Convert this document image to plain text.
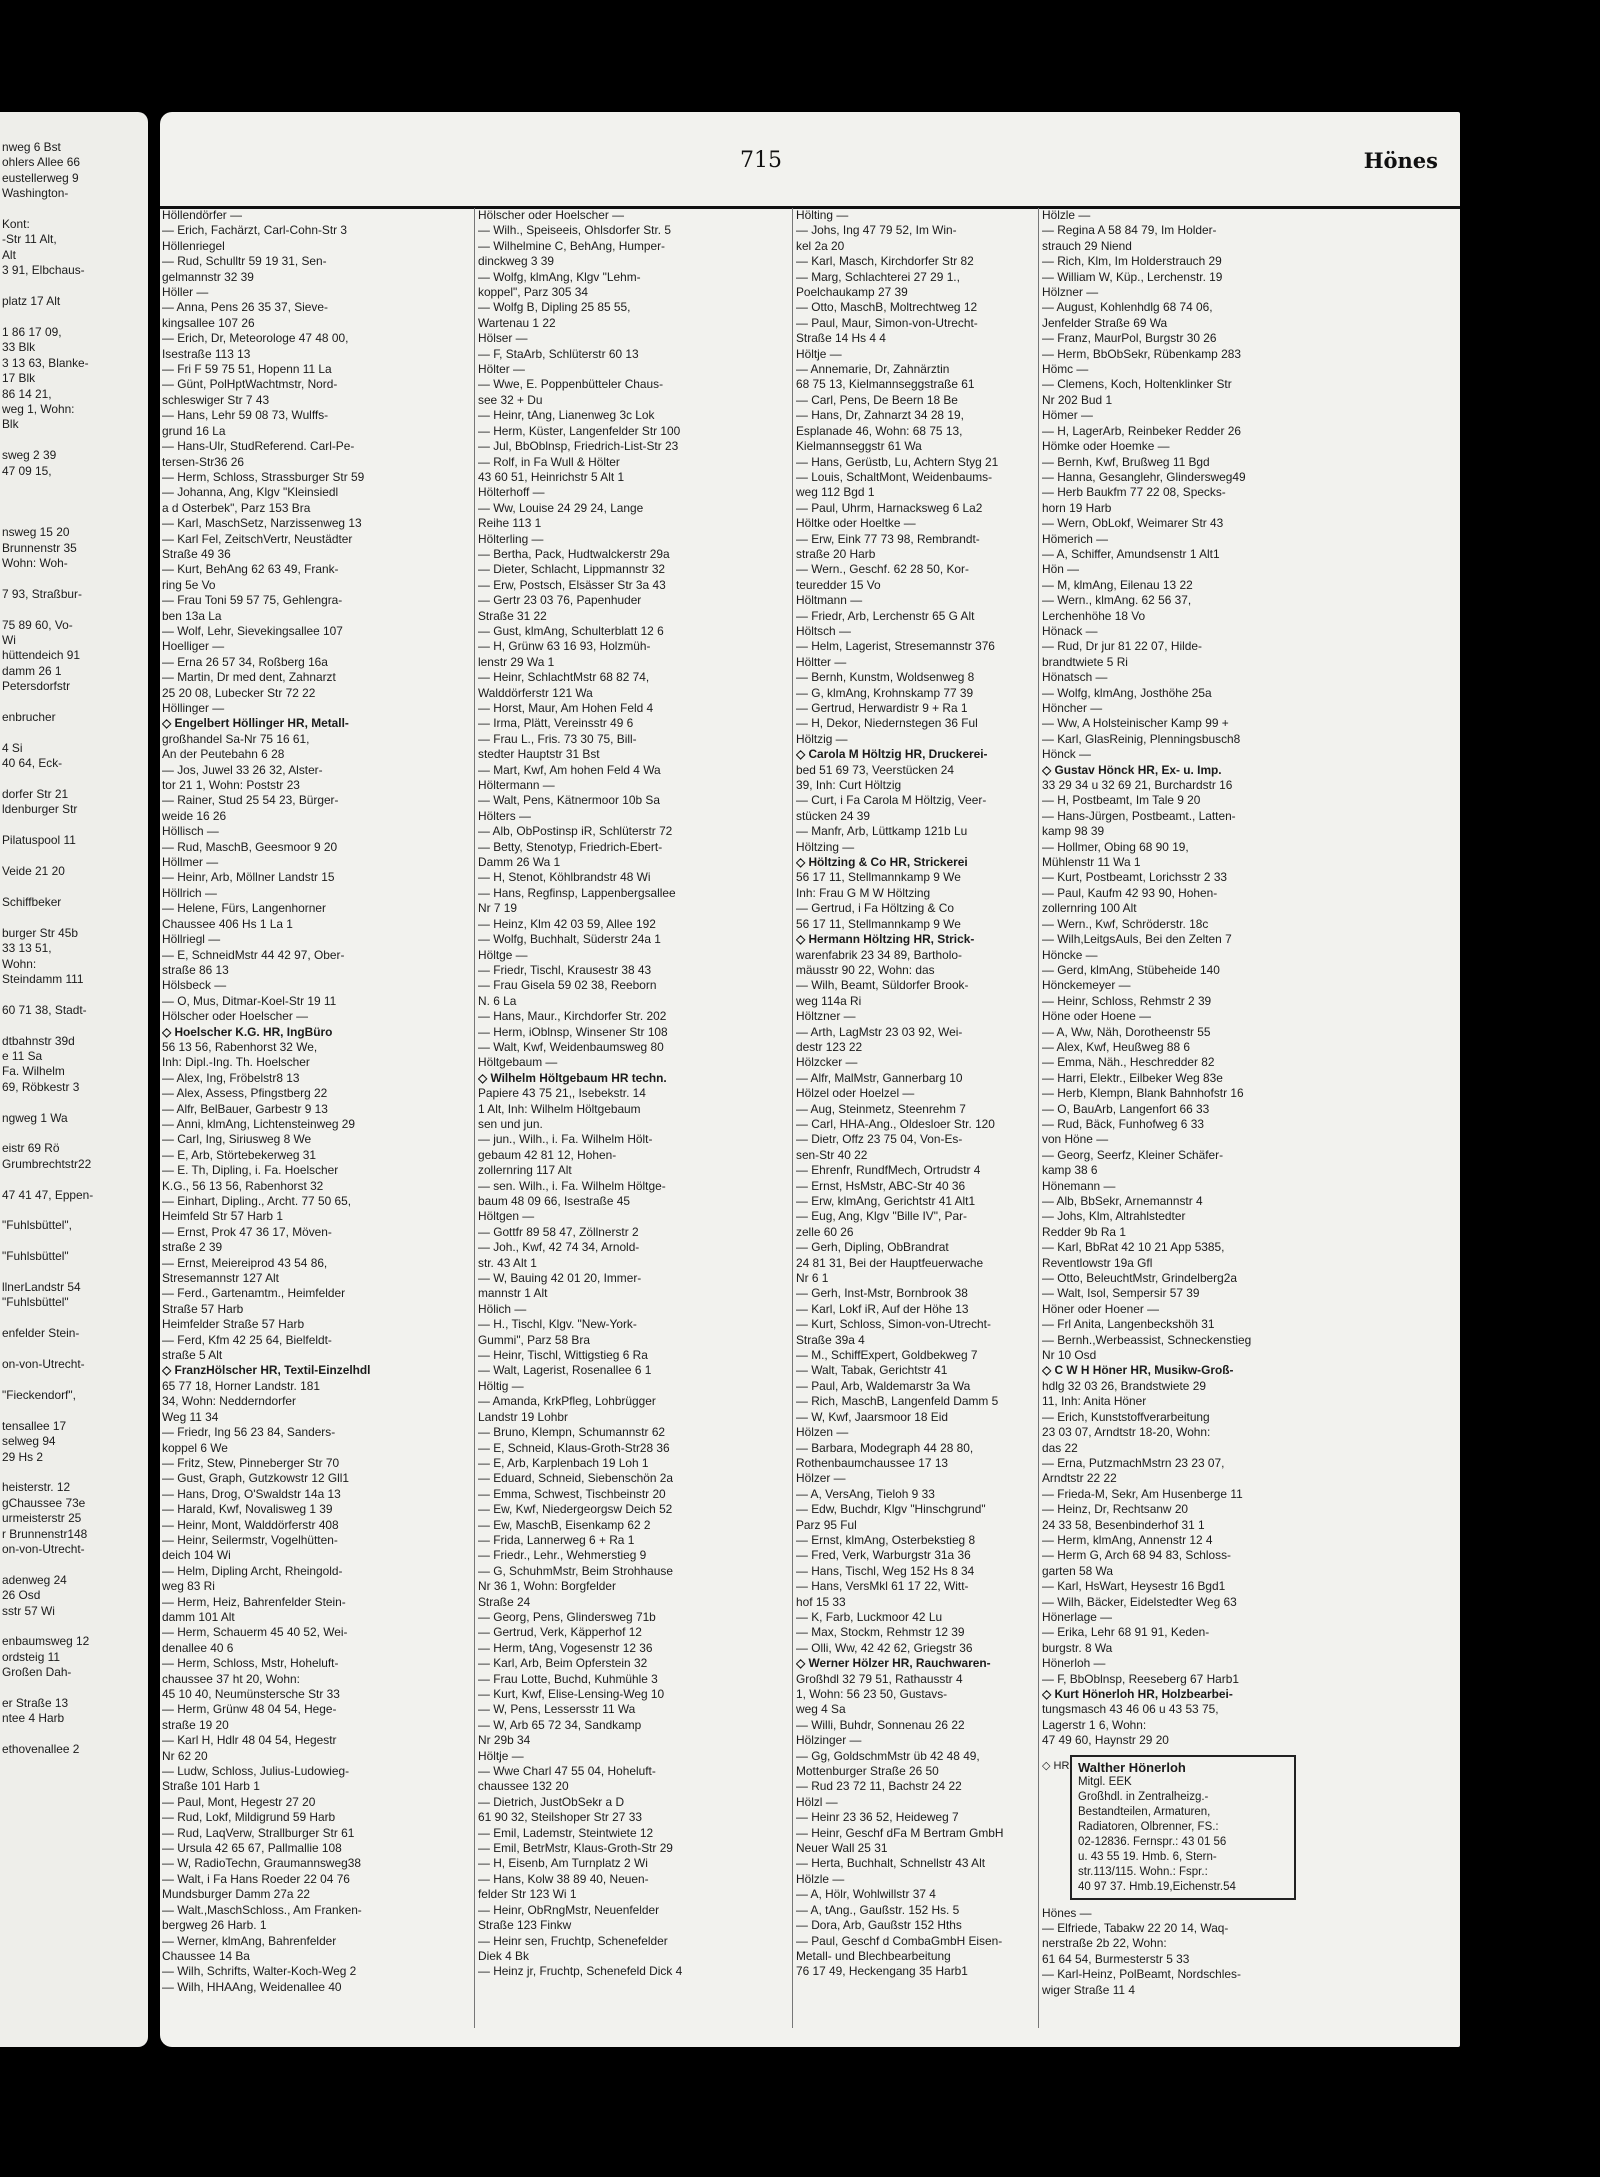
nweg 6 Bst
ohlers Allee 66
eustellerweg 9
Washington-

Kont:
-Str 11 Alt,
Alt
3 91, Elbchaus-

platz 17 Alt

1 86 17 09,
33 Blk
3 13 63, Blanke-
17 Blk
86 14 21,
weg 1, Wohn:
Blk

sweg 2 39
47 09 15,

nsweg 15 20
Brunnenstr 35
Wohn: Woh-

7 93, Straßbur-

75 89 60, Vo-
Wi
hüttendeich 91
damm 26 1
Petersdorfstr

enbrucher

4 Si
40 64, Eck-

dorfer Str 21
ldenburger Str

Pilatuspool 11

Veide 21 20

Schiffbeker

burger Str 45b
33 13 51,
Wohn:
Steindamm 111

60 71 38, Stadt-

dtbahnstr 39d
e 11 Sa
Fa. Wilhelm
69, Röbkestr 3

ngweg 1 Wa

eistr 69 Rö
Grumbrechtstr22

47 41 47, Eppen-

"Fuhlsbüttel",

"Fuhlsbüttel"

llnerLandstr 54
"Fuhlsbüttel"

enfelder Stein-

on-von-Utrecht-

"Fieckendorf",

tensallee 17
selweg 94
29 Hs 2

heisterstr. 12
gChaussee 73e
urmeisterstr 25
r Brunnenstr148
on-von-Utrecht-

adenweg 24
26 Osd
sstr 57 Wi

enbaumsweg 12
ordsteig 11
Großen Dah-

er Straße 13
ntee 4 Harb

ethovenallee 2
715	Hönes
Höllendörfer —
— Erich, Fachärzt, Carl-Cohn-Str 3
Höllenriegel
— Rud, Schulltr 59 19 31, Sen-
gelmannstr 32 39
Höller —
— Anna, Pens 26 35 37, Sieve-
kingsallee 107 26
— Erich, Dr, Meteorologe 47 48 00,
Isestraße 113 13
— Fri F 59 75 51, Hopenn 11 La
— Günt, PolHptWachtmstr, Nord-
schleswiger Str 7 43
— Hans, Lehr 59 08 73, Wulffs-
grund 16 La
— Hans-Ulr, StudReferend. Carl-Pe-
tersen-Str36 26
— Herm, Schloss, Strassburger Str 59
— Johanna, Ang, Klgv "Kleinsiedl
a d Osterbek", Parz 153 Bra
— Karl, MaschSetz, Narzissenweg 13
— Karl Fel, ZeitschVertr, Neustädter
Straße 49 36
— Kurt, BehAng 62 63 49, Frank-
ring 5e Vo
— Frau Toni 59 57 75, Gehlengra-
ben 13a La
— Wolf, Lehr, Sievekingsallee 107
Hoelliger —
— Erna 26 57 34, Roßberg 16a
— Martin, Dr med dent, Zahnarzt
25 20 08, Lubecker Str 72 22
Höllinger —
◇ Engelbert Höllinger HR, Metall-
großhandel Sa-Nr 75 16 61,
An der Peutebahn 6 28
— Jos, Juwel 33 26 32, Alster-
tor 21 1, Wohn: Poststr 23
— Rainer, Stud 25 54 23, Bürger-
weide 16 26
Höllisch —
— Rud, MaschB, Geesmoor 9 20
Höllmer —
— Heinr, Arb, Möllner Landstr 15
Höllrich —
— Helene, Fürs, Langenhorner
Chaussee 406 Hs 1 La 1
Höllriegl —
— E, SchneidMstr 44 42 97, Ober-
straße 86 13
Hölsbeck —
— O, Mus, Ditmar-Koel-Str 19 11
Hölscher oder Hoelscher —
◇ Hoelscher K.G. HR, IngBüro
56 13 56, Rabenhorst 32 We,
Inh: Dipl.-Ing. Th. Hoelscher
— Alex, Ing, Fröbelstr8 13
— Alex, Assess, Pfingstberg 22
— Alfr, BelBauer, Garbestr 9 13
— Anni, klmAng, Lichtensteinweg 29
— Carl, Ing, Siriusweg 8 We
— E, Arb, Störtebekerweg 31
— E. Th, Dipling, i. Fa. Hoelscher
K.G., 56 13 56, Rabenhorst 32
— Einhart, Dipling., Archt. 77 50 65,
Heimfeld Str 57 Harb 1
— Ernst, Prok 47 36 17, Möven-
straße 2 39
— Ernst, Meiereiprod 43 54 86,
Stresemannstr 127 Alt
— Ferd., Gartenamtm., Heimfelder
Straße 57 Harb
Heimfelder Straße 57 Harb
— Ferd, Kfm 42 25 64, Bielfeldt-
straße 5 Alt
◇ FranzHölscher HR, Textil-Einzelhdl
65 77 18, Horner Landstr. 181
34, Wohn: Nedderndorfer
Weg 11 34
— Friedr, Ing 56 23 84, Sanders-
koppel 6 We
— Fritz, Stew, Pinneberger Str 70
— Gust, Graph, Gutzkowstr 12 Gll1
— Hans, Drog, O'Swaldstr 14a 13
— Harald, Kwf, Novalisweg 1 39
— Heinr, Mont, Walddörferstr 408
— Heinr, Seilermstr, Vogelhütten-
deich 104 Wi
— Helm, Dipling Archt, Rheingold-
weg 83 Ri
— Herm, Heiz, Bahrenfelder Stein-
damm 101 Alt
— Herm, Schauerm 45 40 52, Wei-
denallee 40 6
— Herm, Schloss, Mstr, Hoheluft-
chaussee 37 ht 20, Wohn:
45 10 40, Neumünstersche Str 33
— Herm, Grünw 48 04 54, Hege-
straße 19 20
— Karl H, Hdlr 48 04 54, Hegestr
Nr 62 20
— Ludw, Schloss, Julius-Ludowieg-
Straße 101 Harb 1
— Paul, Mont, Hegestr 27 20
— Rud, Lokf, Mildigrund 59 Harb
— Rud, LaqVerw, Strallburger Str 61
— Ursula 42 65 67, Pallmallie 108
— W, RadioTechn, Graumannsweg38
— Walt, i Fa Hans Roeder 22 04 76
Mundsburger Damm 27a 22
— Walt.,MaschSchloss., Am Franken-
bergweg 26 Harb. 1
— Werner, klmAng, Bahrenfelder
Chaussee 14 Ba
— Wilh, Schrifts, Walter-Koch-Weg 2
— Wilh, HHAAng, Weidenallee 40
Hölscher oder Hoelscher —
— Wilh., Speiseeis, Ohlsdorfer Str. 5
— Wilhelmine C, BehAng, Humper-
dinckweg 3 39
— Wolfg, klmAng, Klgv "Lehm-
koppel", Parz 305 34
— Wolfg B, Dipling 25 85 55,
Wartenau 1 22
Hölser —
— F, StaArb, Schlüterstr 60 13
Hölter —
— Wwe, E. Poppenbütteler Chaus-
see 32 + Du
— Heinr, tAng, Lianenweg 3c Lok
— Herm, Küster, Langenfelder Str 100
— Jul, BbOblnsp, Friedrich-List-Str 23
— Rolf, in Fa Wull & Hölter
43 60 51, Heinrichstr 5 Alt 1
Hölterhoff —
— Ww, Louise 24 29 24, Lange
Reihe 113 1
Hölterling —
— Bertha, Pack, Hudtwalckerstr 29a
— Dieter, Schlacht, Lippmannstr 32
— Erw, Postsch, Elsässer Str 3a 43
— Gertr 23 03 76, Papenhuder
Straße 31 22
— Gust, klmAng, Schulterblatt 12 6
— H, Grünw 63 16 93, Holzmüh-
lenstr 29 Wa 1
— Heinr, SchlachtMstr 68 82 74,
Walddörferstr 121 Wa
— Horst, Maur, Am Hohen Feld 4
— Irma, Plätt, Vereinsstr 49 6
— Frau L., Fris. 73 30 75, Bill-
stedter Hauptstr 31 Bst
— Mart, Kwf, Am hohen Feld 4 Wa
Höltermann —
— Walt, Pens, Kätnermoor 10b Sa
Hölters —
— Alb, ObPostinsp iR, Schlüterstr 72
— Betty, Stenotyp, Friedrich-Ebert-
Damm 26 Wa 1
— H, Stenot, Köhlbrandstr 48 Wi
— Hans, Regfinsp, Lappenbergsallee
Nr 7 19
— Heinz, Klm 42 03 59, Allee 192
— Wolfg, Buchhalt, Süderstr 24a 1
Höltge —
— Friedr, Tischl, Krausestr 38 43
— Frau Gisela 59 02 38, Reeborn
N. 6 La
— Hans, Maur., Kirchdorfer Str. 202
— Herm, iOblnsp, Winsener Str 108
— Walt, Kwf, Weidenbaumsweg 80
Höltgebaum —
◇ Wilhelm Höltgebaum HR techn.
Papiere 43 75 21,, Isebekstr. 14
1 Alt, Inh: Wilhelm Höltgebaum
sen und jun.
— jun., Wilh., i. Fa. Wilhelm Hölt-
gebaum 42 81 12, Hohen-
zollernring 117 Alt
— sen. Wilh., i. Fa. Wilhelm Höltge-
baum 48 09 66, Isestraße 45
Höltgen —
— Gottfr 89 58 47, Zöllnerstr 2
— Joh., Kwf, 42 74 34, Arnold-
str. 43 Alt 1
— W, Bauing 42 01 20, Immer-
mannstr 1 Alt
Hölich —
— H., Tischl, Klgv. "New-York-
Gummi", Parz 58 Bra
— Heinr, Tischl, Wittigstieg 6 Ra
— Walt, Lagerist, Rosenallee 6 1
Höltig —
— Amanda, KrkPfleg, Lohbrügger
Landstr 19 Lohbr
— Bruno, Klempn, Schumannstr 62
— E, Schneid, Klaus-Groth-Str28 36
— E, Arb, Karplenbach 19 Loh 1
— Eduard, Schneid, Siebenschön 2a
— Emma, Schwest, Tischbeinstr 20
— Ew, Kwf, Niedergeorgsw Deich 52
— Ew, MaschB, Eisenkamp 62 2
— Frida, Lannerweg 6 + Ra 1
— Friedr., Lehr., Wehmerstieg 9
— G, SchuhmMstr, Beim Strohhause
Nr 36 1, Wohn: Borgfelder
Straße 24
— Georg, Pens, Glindersweg 71b
— Gertrud, Verk, Käpperhof 12
— Herm, tAng, Vogesenstr 12 36
— Karl, Arb, Beim Opferstein 32
— Frau Lotte, Buchd, Kuhmühle 3
— Kurt, Kwf, Elise-Lensing-Weg 10
— W, Pens, Lessersstr 11 Wa
— W, Arb 65 72 34, Sandkamp
Nr 29b 34
Höltje —
— Wwe Charl 47 55 04, Hoheluft-
chaussee 132 20
— Dietrich, JustObSekr a D
61 90 32, Steilshoper Str 27 33
— Emil, Lademstr, Steintwiete 12
— Emil, BetrMstr, Klaus-Groth-Str 29
— H, Eisenb, Am Turnplatz 2 Wi
— Hans, Kolw 38 89 40, Neuen-
felder Str 123 Wi 1
— Heinr, ObRngMstr, Neuenfelder
Straße 123 Finkw
— Heinr sen, Fruchtp, Schenefelder
Diek 4 Bk
— Heinz jr, Fruchtp, Schenefeld Dick 4
Hölting —
— Johs, Ing 47 79 52, Im Win-
kel 2a 20
— Karl, Masch, Kirchdorfer Str 82
— Marg, Schlachterei 27 29 1.,
Poelchaukamp 27 39
— Otto, MaschB, Moltrechtweg 12
— Paul, Maur, Simon-von-Utrecht-
Straße 14 Hs 4 4
Höltje —
— Annemarie, Dr, Zahnärztin
68 75 13, Kielmannseggstraße 61
— Carl, Pens, De Beern 18 Be
— Hans, Dr, Zahnarzt 34 28 19,
Esplanade 46, Wohn: 68 75 13,
Kielmannseggstr 61 Wa
— Hans, Gerüstb, Lu, Achtern Styg 21
— Louis, SchaltMont, Weidenbaums-
weg 112 Bgd 1
— Paul, Uhrm, Harnacksweg 6 La2
Höltke oder Hoeltke —
— Erw, Eink 77 73 98, Rembrandt-
straße 20 Harb
— Wern., Geschf. 62 28 50, Kor-
teuredder 15 Vo
Höltmann —
— Friedr, Arb, Lerchenstr 65 G Alt
Höltsch —
— Helm, Lagerist, Stresemannstr 376
Höltter —
— Bernh, Kunstm, Woldsenweg 8
— G, klmAng, Krohnskamp 77 39
— Gertrud, Herwardistr 9 + Ra 1
— H, Dekor, Niedernstegen 36 Ful
Höltzig —
◇ Carola M Höltzig HR, Druckerei-
bed 51 69 73, Veerstücken 24
39, Inh: Curt Höltzig
— Curt, i Fa Carola M Höltzig, Veer-
stücken 24 39
— Manfr, Arb, Lüttkamp 121b Lu
Höltzing —
◇ Höltzing & Co HR, Strickerei
56 17 11, Stellmannkamp 9 We
Inh: Frau G M W Höltzing
— Gertrud, i Fa Höltzing & Co
56 17 11, Stellmannkamp 9 We
◇ Hermann Höltzing HR, Strick-
warenfabrik 23 34 89, Bartholo-
mäusstr 90 22, Wohn: das
— Wilh, Beamt, Süldorfer Brook-
weg 114a Ri
Höltzner —
— Arth, LagMstr 23 03 92, Wei-
destr 123 22
Hölzcker —
— Alfr, MalMstr, Gannerbarg 10
Hölzel oder Hoelzel —
— Aug, Steinmetz, Steenrehm 7
— Carl, HHA-Ang., Oldesloer Str. 120
— Dietr, Offz 23 75 04, Von-Es-
sen-Str 40 22
— Ehrenfr, RundfMech, Ortrudstr 4
— Ernst, HsMstr, ABC-Str 40 36
— Erw, klmAng, Gerichtstr 41 Alt1
— Eug, Ang, Klgv "Bille IV", Par-
zelle 60 26
— Gerh, Dipling, ObBrandrat
24 81 31, Bei der Hauptfeuerwache
Nr 6 1
— Gerh, Inst-Mstr, Bornbrook 38
— Karl, Lokf iR, Auf der Höhe 13
— Kurt, Schloss, Simon-von-Utrecht-
Straße 39a 4
— M., SchiffExpert, Goldbekweg 7
— Walt, Tabak, Gerichtstr 41
— Paul, Arb, Waldemarstr 3a Wa
— Rich, MaschB, Langenfeld Damm 5
— W, Kwf, Jaarsmoor 18 Eid
Hölzen —
— Barbara, Modegraph 44 28 80,
Rothenbaumchaussee 17 13
Hölzer —
— A, VersAng, Tieloh 9 33
— Edw, Buchdr, Klgv "Hinschgrund"
Parz 95 Ful
— Ernst, klmAng, Osterbekstieg 8
— Fred, Verk, Warburgstr 31a 36
— Hans, Tischl, Weg 152 Hs 8 34
— Hans, VersMkl 61 17 22, Witt-
hof 15 33
— K, Farb, Luckmoor 42 Lu
— Max, Stockm, Rehmstr 12 39
— Olli, Ww, 42 42 62, Griegstr 36
◇ Werner Hölzer HR, Rauchwaren-
Großhdl 32 79 51, Rathausstr 4
1, Wohn: 56 23 50, Gustavs-
weg 4 Sa
— Willi, Buhdr, Sonnenau 26 22
Hölzinger —
— Gg, GoldschmMstr üb 42 48 49,
Mottenburger Straße 26 50
— Rud 23 72 11, Bachstr 24 22
Hölzl —
— Heinr 23 36 52, Heideweg 7
— Heinr, Geschf dFa M Bertram GmbH
Neuer Wall 25 31
— Herta, Buchhalt, Schnellstr 43 Alt
Hölzle —
— A, Hölr, Wohlwillstr 37 4
— A, tAng., Gaußstr. 152 Hs. 5
— Dora, Arb, Gaußstr 152 Hths
— Paul, Geschf d CombaGmbH Eisen-
Metall- und Blechbearbeitung
76 17 49, Heckengang 35 Harb1
Hölzle —
— Regina A 58 84 79, Im Holder-
strauch 29 Niend
— Rich, Klm, Im Holderstrauch 29
— William W, Küp., Lerchenstr. 19
Hölzner —
— August, Kohlenhdlg 68 74 06,
Jenfelder Straße 69 Wa
— Franz, MaurPol, Burgstr 30 26
— Herm, BbObSekr, Rübenkamp 283
Hömc —
— Clemens, Koch, Holtenklinker Str
Nr 202 Bud 1
Hömer —
— H, LagerArb, Reinbeker Redder 26
Hömke oder Hoemke —
— Bernh, Kwf, Brußweg 11 Bgd
— Hanna, Gesanglehr, Glindersweg49
— Herb Baukfm 77 22 08, Specks-
horn 19 Harb
— Wern, ObLokf, Weimarer Str 43
Hömerich —
— A, Schiffer, Amundsenstr 1 Alt1
Hön —
— M, klmAng, Eilenau 13 22
— Wern., klmAng. 62 56 37,
Lerchenhöhe 18 Vo
Hönack —
— Rud, Dr jur 81 22 07, Hilde-
brandtwiete 5 Ri
Hönatsch —
— Wolfg, klmAng, Josthöhe 25a
Höncher —
— Ww, A Holsteinischer Kamp 99 +
— Karl, GlasReinig, Plenningsbusch8
Hönck —
◇ Gustav Hönck HR, Ex- u. Imp.
33 29 34 u 32 69 21, Burchardstr 16
— H, Postbeamt, Im Tale 9 20
— Hans-Jürgen, Postbeamt., Latten-
kamp 98 39
— Hollmer, Obing 68 90 19,
Mühlenstr 11 Wa 1
— Kurt, Postbeamt, Lorichsstr 2 33
— Paul, Kaufm 42 93 90, Hohen-
zollernring 100 Alt
— Wern., Kwf, Schröderstr. 18c
— Wilh,LeitgsAuls, Bei den Zelten 7
Höncke —
— Gerd, klmAng, Stübeheide 140
Hönckemeyer —
— Heinr, Schloss, Rehmstr 2 39
Höne oder Hoene —
— A, Ww, Näh, Dorotheenstr 55
— Alex, Kwf, Heußweg 88 6
— Emma, Näh., Heschredder 82
— Harri, Elektr., Eilbeker Weg 83e
— Herb, Klempn, Blank Bahnhofstr 16
— O, BauArb, Langenfort 66 33
— Rud, Bäck, Funhofweg 6 33
von Höne —
— Georg, Seerfz, Kleiner Schäfer-
kamp 38 6
Hönemann —
— Alb, BbSekr, Arnemannstr 4
— Johs, Klm, Altrahlstedter
Redder 9b Ra 1
— Karl, BbRat 42 10 21 App 5385,
Reventlowstr 19a Gfl
— Otto, BeleuchtMstr, Grindelberg2a
— Walt, Isol, Sempersir 57 39
Höner oder Hoener —
— Frl Anita, Langenbeckshöh 31
— Bernh.,Werbeassist, Schneckenstieg
Nr 10 Osd
◇ C W H Höner HR, Musikw-Groß-
hdlg 32 03 26, Brandstwiete 29
11, Inh: Anita Höner
— Erich, Kunststoffverarbeitung
23 03 07, Arndtstr 18-20, Wohn:
das 22
— Erna, PutzmachMstrn 23 23 07,
Arndtstr 22 22
— Frieda-M, Sekr, Am Husenberge 11
— Heinz, Dr, Rechtsanw 20
24 33 58, Besenbinderhof 31 1
— Herm, klmAng, Annenstr 12 4
— Herm G, Arch 68 94 83, Schloss-
garten 58 Wa
— Karl, HsWart, Heysestr 16 Bgd1
— Wilh, Bäcker, Eidelstedter Weg 63
Hönerlage —
— Erika, Lehr 68 91 91, Keden-
burgstr. 8 Wa
Hönerloh —
— F, BbOblnsp, Reeseberg 67 Harb1
◇ Kurt Hönerloh HR, Holzbearbei-
tungsmasch 43 46 06 u 43 53 75,
Lagerstr 1 6, Wohn:
47 49 60, Haynstr 29 20
◇ HR Walther Hönerloh
Mitgl. EEK
Großhdl. in Zentralheizg.-
Bestandteilen, Armaturen,
Radiatoren, Olbrenner, FS.:
02-12836. Fernspr.: 43 01 56
u. 43 55 19. Hmb. 6, Stern-
str.113/115. Wohn.: Fspr.:
40 97 37. Hmb.19,Eichenstr.54
Hönes —
— Elfriede, Tabakw 22 20 14, Waq-
nerstraße 2b 22, Wohn:
61 64 54, Burmesterstr 5 33
— Karl-Heinz, PolBeamt, Nordschles-
wiger Straße 11 4
